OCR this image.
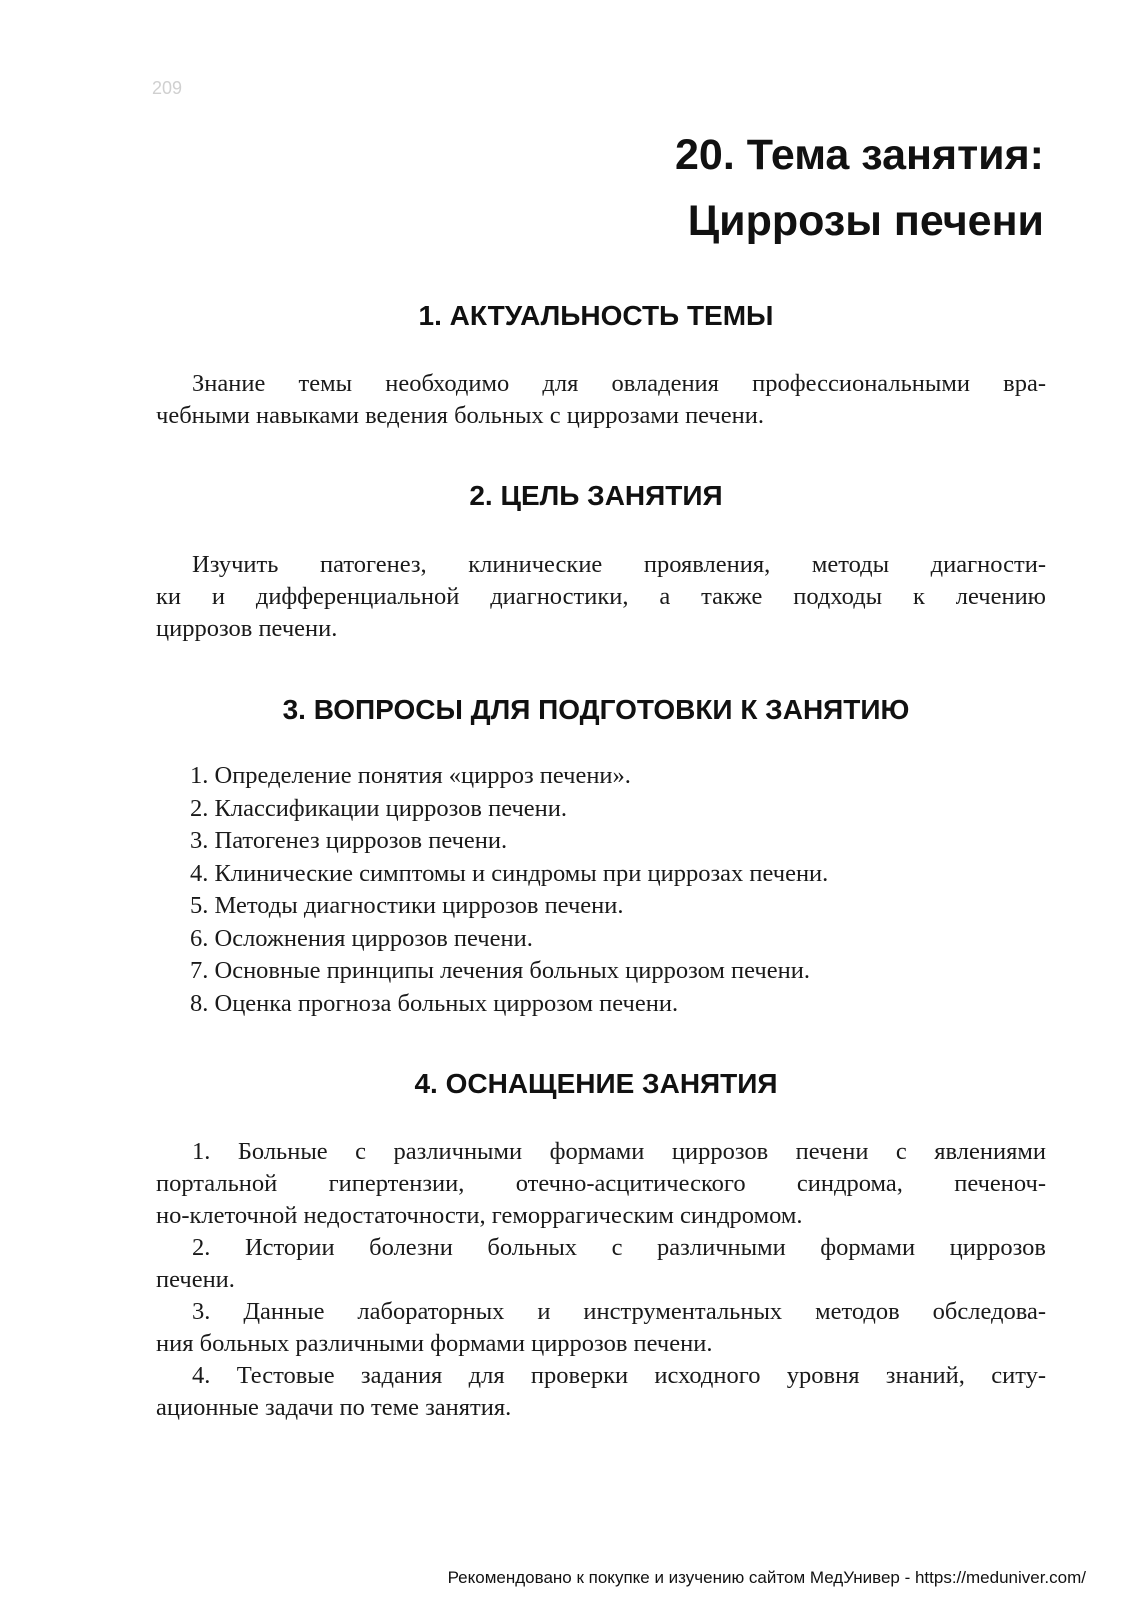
209
20. Тема занятия:
Циррозы печени
1. АКТУАЛЬНОСТЬ ТЕМЫ
Знание темы необходимо для овладения профессиональными вра-
чебными навыками ведения больных с циррозами печени.
2. ЦЕЛЬ ЗАНЯТИЯ
Изучить патогенез, клинические проявления, методы диагности-
ки и дифференциальной диагностики, а также подходы к лечению
циррозов печени.
3. ВОПРОСЫ ДЛЯ ПОДГОТОВКИ К ЗАНЯТИЮ
1. Определение понятия «цирроз печени».
2. Классификации циррозов печени.
3. Патогенез циррозов печени.
4. Клинические симптомы и синдромы при циррозах печени.
5. Методы диагностики циррозов печени.
6. Осложнения циррозов печени.
7. Основные принципы лечения больных циррозом печени.
8. Оценка прогноза больных циррозом печени.
4. ОСНАЩЕНИЕ ЗАНЯТИЯ
1. Больные с различными формами циррозов печени с явлениями
портальной гипертензии, отечно-асцитического синдрома, печеноч-
но-клеточной недостаточности, геморрагическим синдромом.
2. Истории болезни больных с различными формами циррозов
печени.
3. Данные лабораторных и инструментальных методов обследова-
ния больных различными формами циррозов печени.
4. Тестовые задания для проверки исходного уровня знаний, ситу-
ационные задачи по теме занятия.
Рекомендовано к покупке и изучению сайтом МедУнивер - https://meduniver.com/
